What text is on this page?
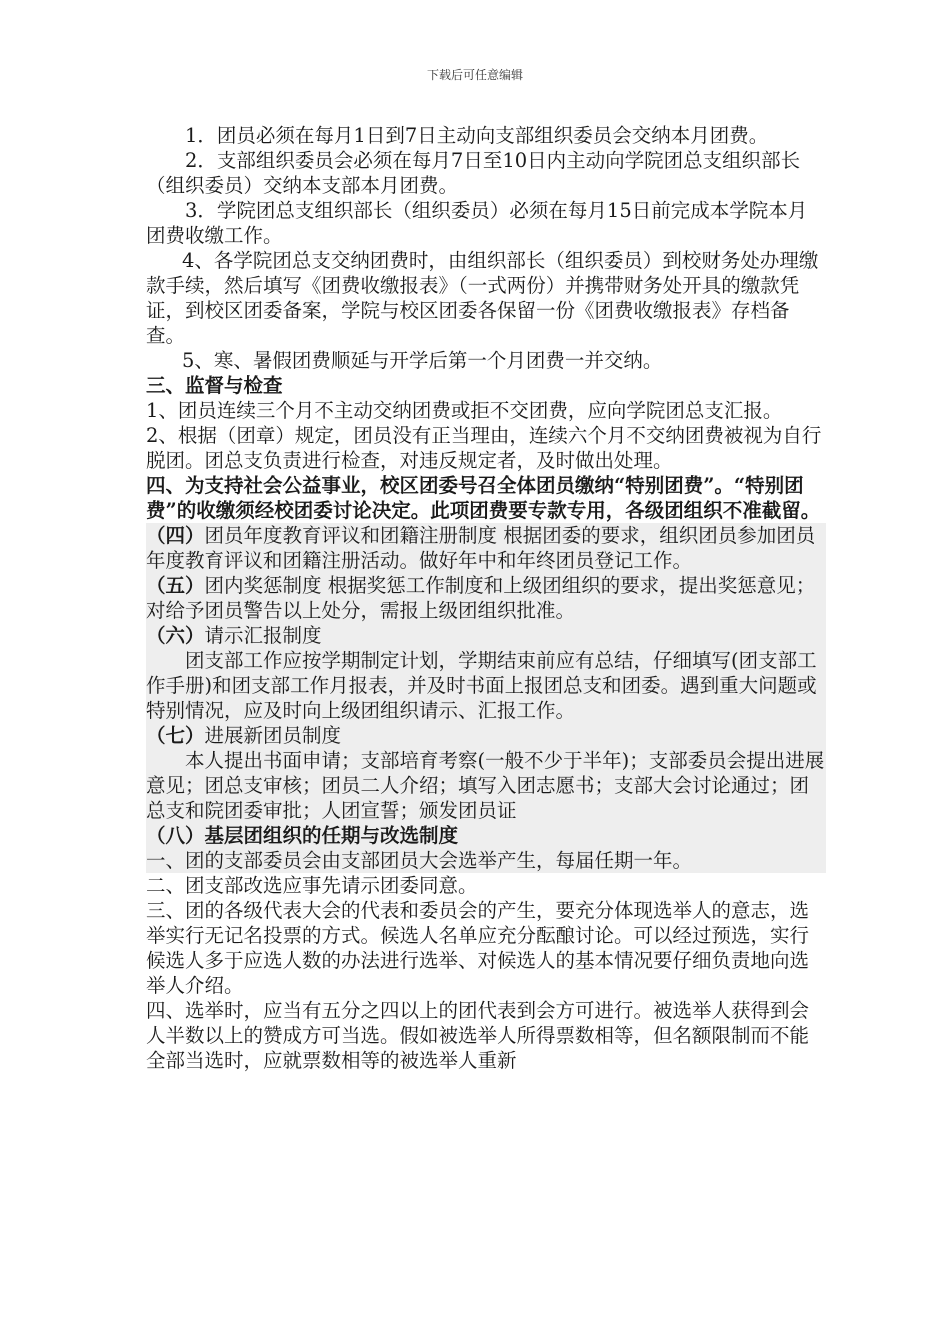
下载后可任意编辑

1．团员必须在每月1日到7日主动向支部组织委员会交纳本月团费。

2．支部组织委员会必须在每月7日至10日内主动向学院团总支组织部长（组织委员）交纳本支部本月团费。

3．学院团总支组织部长（组织委员）必须在每月15日前完成本学院本月团费收缴工作。

4、各学院团总支交纳团费时，由组织部长（组织委员）到校财务处办理缴款手续，然后填写《团费收缴报表》（一式两份）并携带财务处开具的缴款凭证，到校区团委备案，学院与校区团委各保留一份《团费收缴报表》存档备查。

5、寒、暑假团费顺延与开学后第一个月团费一并交纳。

三、监督与检查

1、团员连续三个月不主动交纳团费或拒不交团费，应向学院团总支汇报。

2、根据（团章）规定，团员没有正当理由，连续六个月不交纳团费被视为自行脱团。团总支负责进行检查，对违反规定者，及时做出处理。

四、为支持社会公益事业，校区团委号召全体团员缴纳“特别团费”。“特别团费”的收缴须经校团委讨论决定。此项团费要专款专用，各级团组织不准截留。

（四）团员年度教育评议和团籍注册制度 根据团委的要求，组织团员参加团员年度教育评议和团籍注册活动。做好年中和年终团员登记工作。

（五）团内奖惩制度 根据奖惩工作制度和上级团组织的要求，提出奖惩意见；对给予团员警告以上处分，需报上级团组织批准。

（六）请示汇报制度

团支部工作应按学期制定计划，学期结束前应有总结，仔细填写(团支部工作手册)和团支部工作月报表，并及时书面上报团总支和团委。遇到重大问题或特别情况，应及时向上级团组织请示、汇报工作。

（七）进展新团员制度

本人提出书面申请；支部培育考察(一般不少于半年)；支部委员会提出进展意见；团总支审核；团员二人介绍；填写入团志愿书；支部大会讨论通过；团总支和院团委审批；人团宣誓；颁发团员证

（八）基层团组织的任期与改选制度

一、团的支部委员会由支部团员大会选举产生，每届任期一年。

二、团支部改选应事先请示团委同意。

三、团的各级代表大会的代表和委员会的产生，要充分体现选举人的意志，选举实行无记名投票的方式。候选人名单应充分酝酿讨论。可以经过预选，实行候选人多于应选人数的办法进行选举、对候选人的基本情况要仔细负责地向选举人介绍。

四、选举时，应当有五分之四以上的团代表到会方可进行。被选举人获得到会人半数以上的赞成方可当选。假如被选举人所得票数相等，但名额限制而不能全部当选时，应就票数相等的被选举人重新
